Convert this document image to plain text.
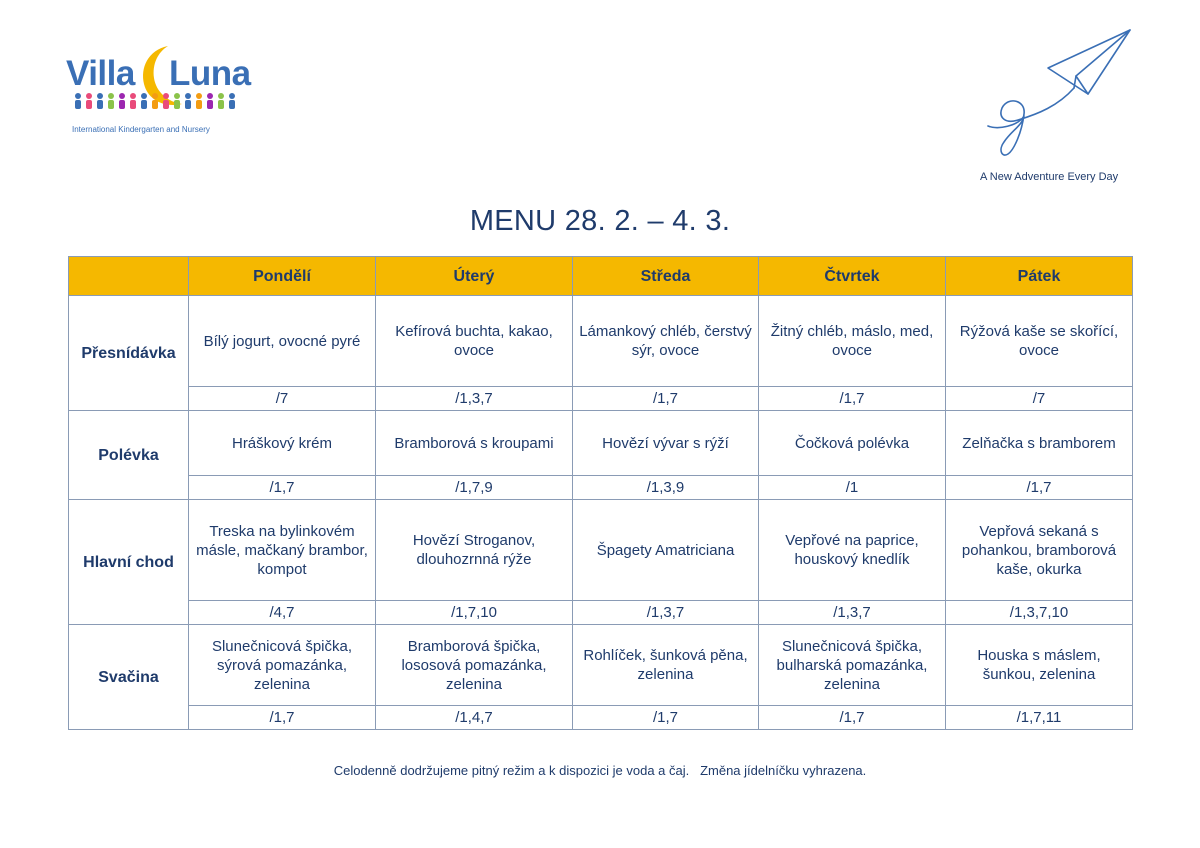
Villa Luna
International Kindergarten and Nursery
A New Adventure Every Day
MENU 28. 2. – 4. 3.
	Pondělí	Úterý	Středa	Čtvrtek	Pátek
Přesnídávka	Bílý jogurt, ovocné pyré	Kefírová buchta, kakao, ovoce	Lámankový chléb, čerstvý sýr, ovoce	Žitný chléb, máslo, med, ovoce	Rýžová kaše se skořící, ovoce
	/7	/1,3,7	/1,7	/1,7	/7
Polévka	Hráškový krém	Bramborová s kroupami	Hovězí vývar s rýží	Čočková polévka	Zelňačka s bramborem
	/1,7	/1,7,9	/1,3,9	/1	/1,7
Hlavní chod	Treska na bylinkovém másle, mačkaný brambor, kompot	Hovězí Stroganov, dlouhozrnná rýže	Špagety Amatriciana	Vepřové na paprice, houskový knedlík	Vepřová sekaná s pohankou, bramborová kaše, okurka
	/4,7	/1,7,10	/1,3,7	/1,3,7	/1,3,7,10
Svačina	Slunečnicová špička, sýrová pomazánka, zelenina	Bramborová špička, lososová pomazánka, zelenina	Rohlíček, šunková pěna, zelenina	Slunečnicová špička, bulharská pomazánka, zelenina	Houska s máslem, šunkou, zelenina
	/1,7	/1,4,7	/1,7	/1,7	/1,7,11
Celodenně dodržujeme pitný režim a k dispozici je voda a čaj.   Změna jídelníčku vyhrazena.
